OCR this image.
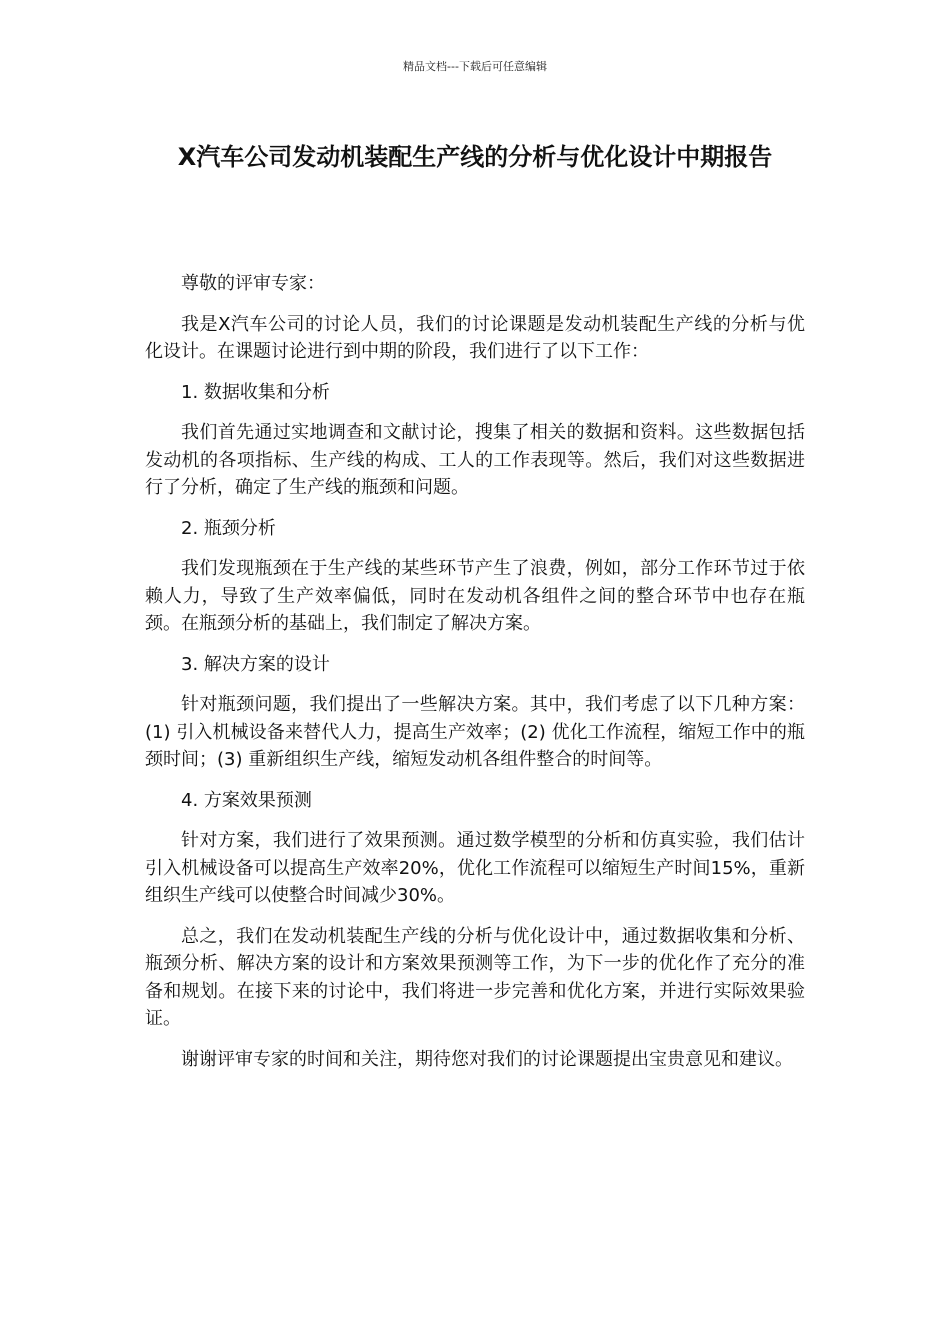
精品文档---下载后可任意编辑
X汽车公司发动机装配生产线的分析与优化设计中期报告

尊敬的评审专家：

我是X汽车公司的讨论人员，我们的讨论课题是发动机装配生产线的分析与优化设计。在课题讨论进行到中期的阶段，我们进行了以下工作：

1. 数据收集和分析

我们首先通过实地调查和文献讨论，搜集了相关的数据和资料。这些数据包括发动机的各项指标、生产线的构成、工人的工作表现等。然后，我们对这些数据进行了分析，确定了生产线的瓶颈和问题。

2. 瓶颈分析

我们发现瓶颈在于生产线的某些环节产生了浪费，例如，部分工作环节过于依赖人力，导致了生产效率偏低，同时在发动机各组件之间的整合环节中也存在瓶颈。在瓶颈分析的基础上，我们制定了解决方案。

3. 解决方案的设计

针对瓶颈问题，我们提出了一些解决方案。其中，我们考虑了以下几种方案：(1) 引入机械设备来替代人力，提高生产效率；(2) 优化工作流程，缩短工作中的瓶颈时间；(3) 重新组织生产线，缩短发动机各组件整合的时间等。

4. 方案效果预测

针对方案，我们进行了效果预测。通过数学模型的分析和仿真实验，我们估计引入机械设备可以提高生产效率20%，优化工作流程可以缩短生产时间15%，重新组织生产线可以使整合时间减少30%。

总之，我们在发动机装配生产线的分析与优化设计中，通过数据收集和分析、瓶颈分析、解决方案的设计和方案效果预测等工作，为下一步的优化作了充分的准备和规划。在接下来的讨论中，我们将进一步完善和优化方案，并进行实际效果验证。

谢谢评审专家的时间和关注，期待您对我们的讨论课题提出宝贵意见和建议。
